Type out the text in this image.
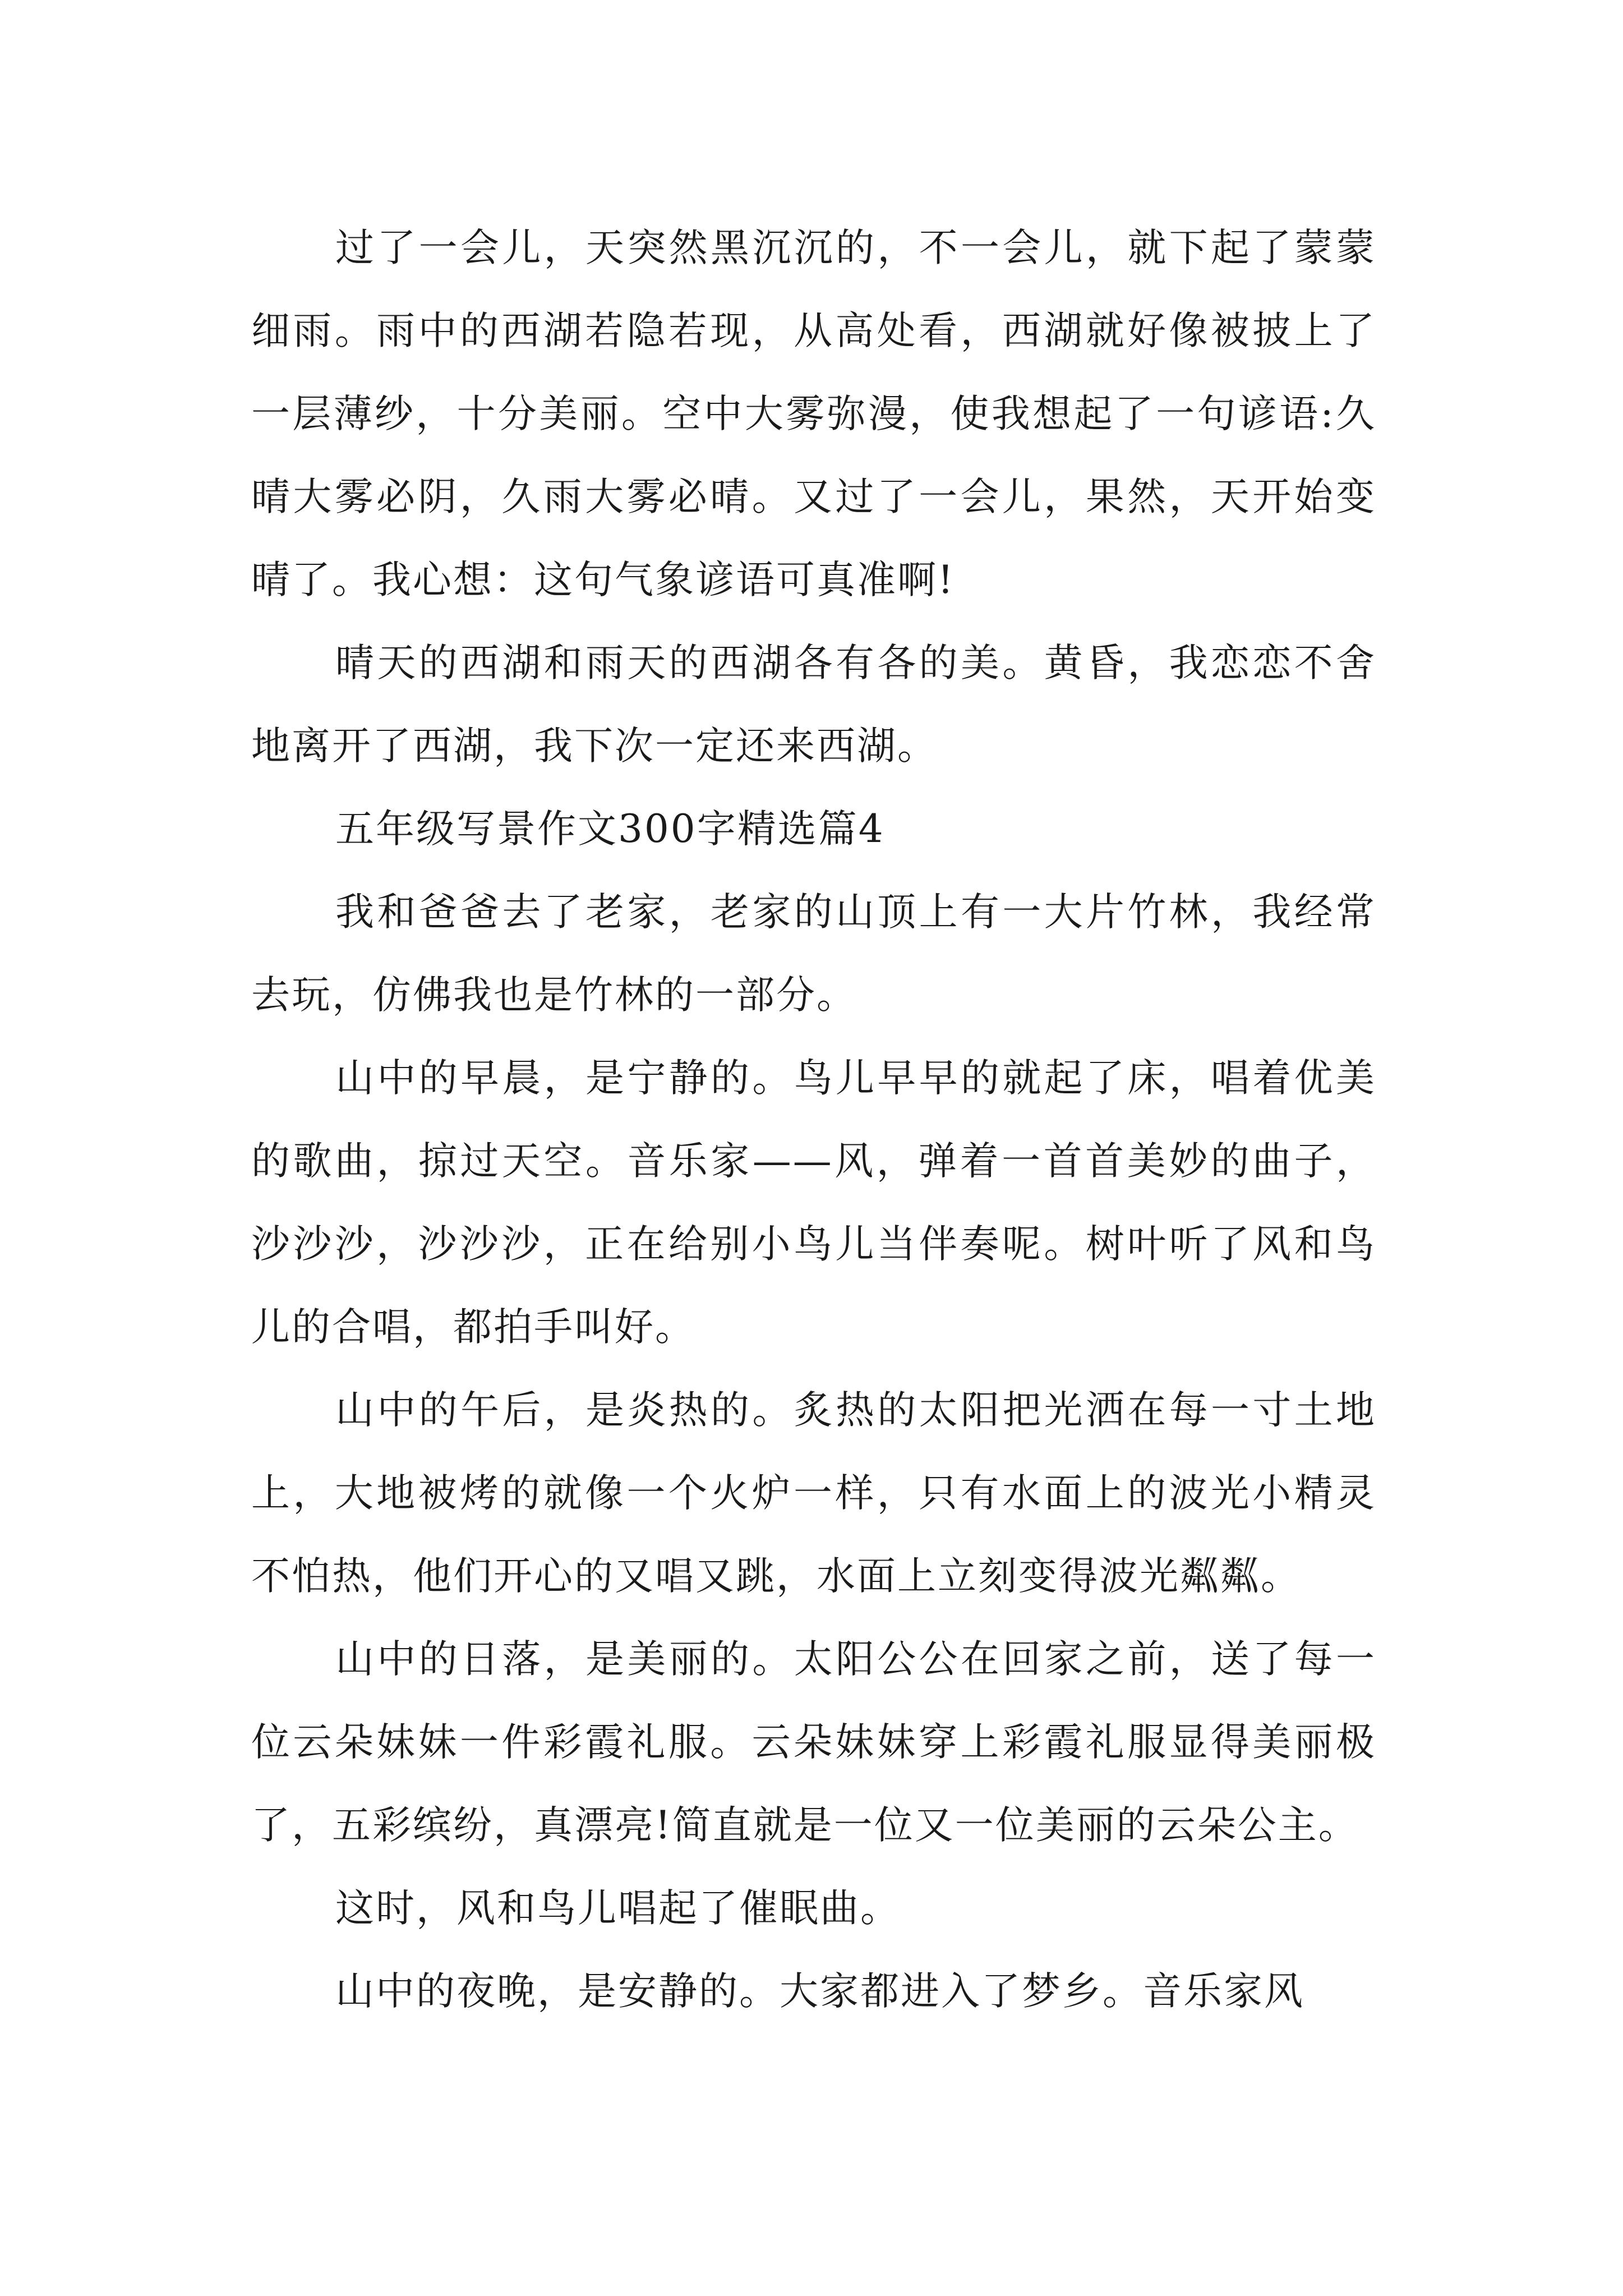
过了一会儿，天突然黑沉沉的，不一会儿，就下起了蒙蒙细雨。雨中的西湖若隐若现，从高处看，西湖就好像被披上了一层薄纱，十分美丽。空中大雾弥漫，使我想起了一句谚语:久晴大雾必阴，久雨大雾必晴。又过了一会儿，果然，天开始变晴了。我心想：这句气象谚语可真准啊!

晴天的西湖和雨天的西湖各有各的美。黄昏，我恋恋不舍地离开了西湖，我下次一定还来西湖。

五年级写景作文300字精选篇4

我和爸爸去了老家，老家的山顶上有一大片竹林，我经常去玩，仿佛我也是竹林的一部分。

山中的早晨，是宁静的。鸟儿早早的就起了床，唱着优美的歌曲，掠过天空。音乐家——风，弹着一首首美妙的曲子，沙沙沙，沙沙沙，正在给别小鸟儿当伴奏呢。树叶听了风和鸟儿的合唱，都拍手叫好。

山中的午后，是炎热的。炙热的太阳把光洒在每一寸土地上，大地被烤的就像一个火炉一样，只有水面上的波光小精灵不怕热，他们开心的又唱又跳，水面上立刻变得波光粼粼。

山中的日落，是美丽的。太阳公公在回家之前，送了每一位云朵妹妹一件彩霞礼服。云朵妹妹穿上彩霞礼服显得美丽极了，五彩缤纷，真漂亮!简直就是一位又一位美丽的云朵公主。

这时，风和鸟儿唱起了催眠曲。

山中的夜晚，是安静的。大家都进入了梦乡。音乐家风
